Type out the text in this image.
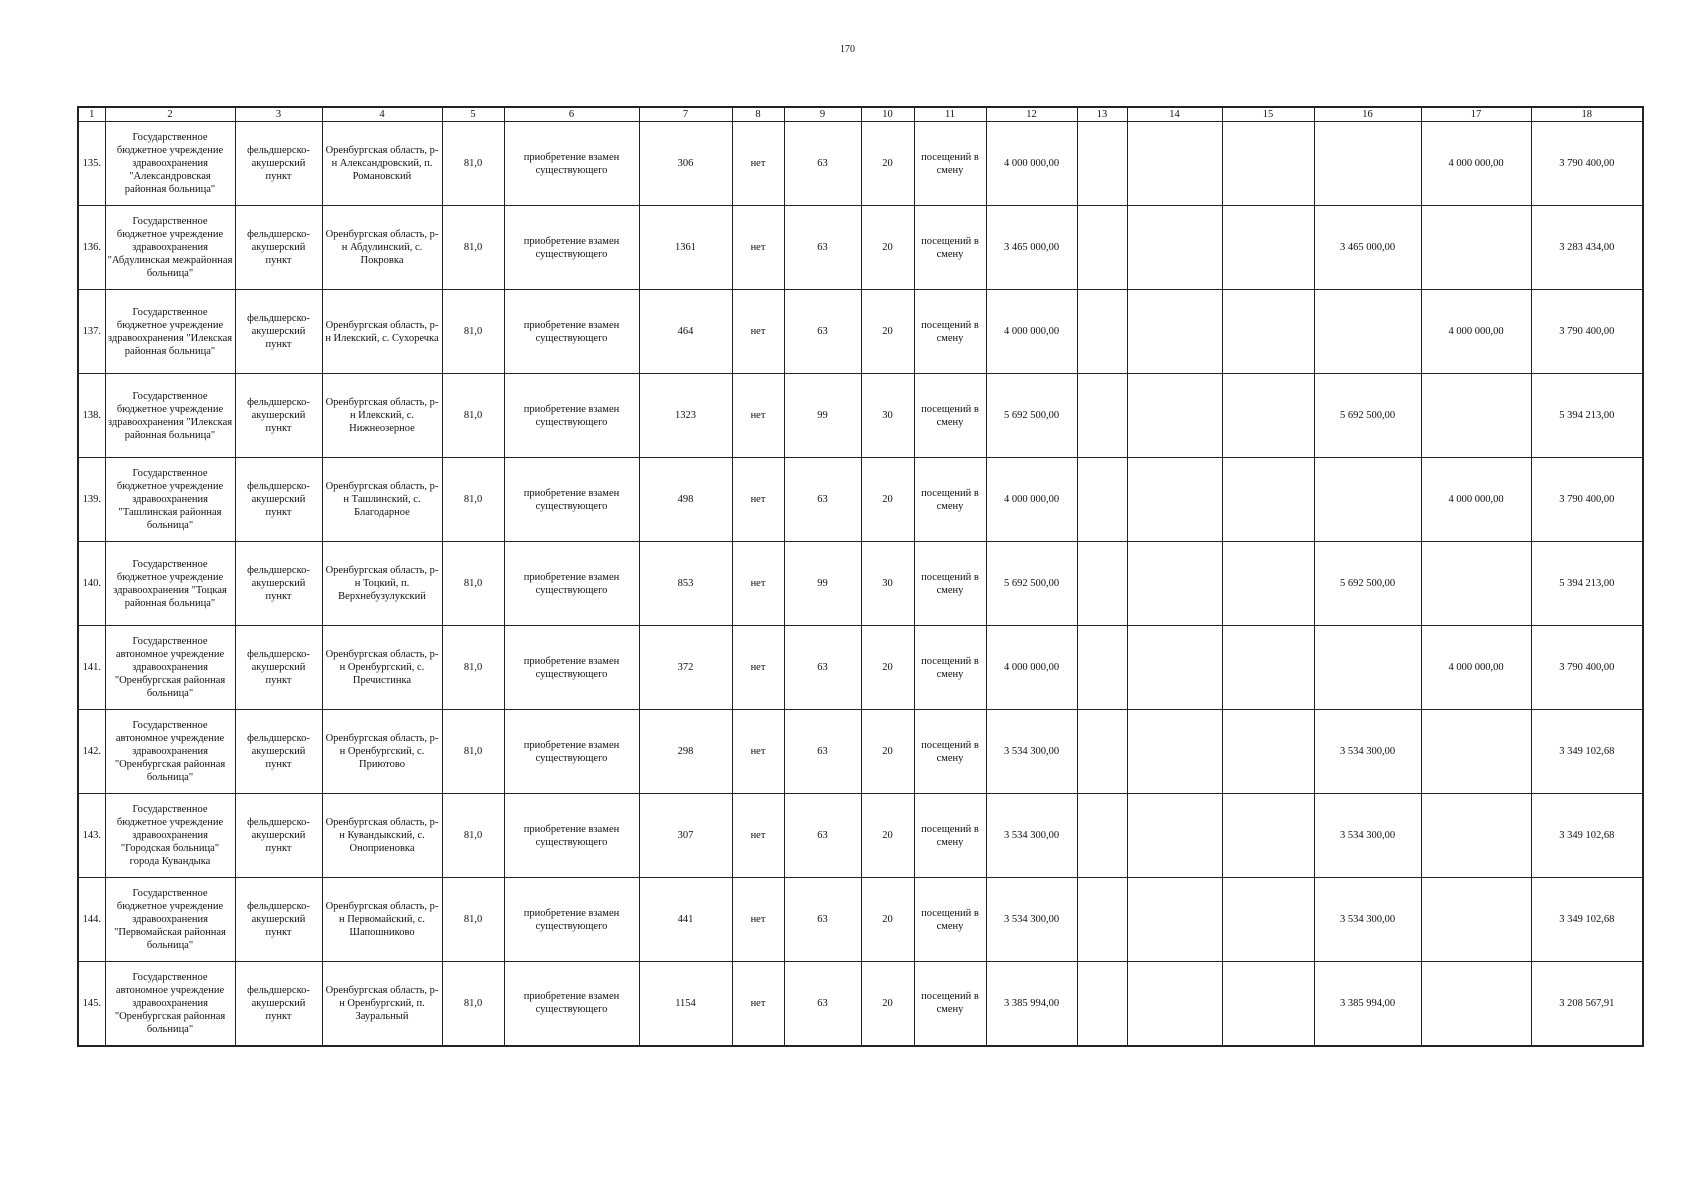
170
1	2	3	4	5	6	7	8	9	10	11	12	13	14	15	16	17	18
135.	Государственное бюджетное учреждение здравоохранения "Александровская районная больница"	фельдшерско-акушерский пункт	Оренбургская область, р-н Александровский, п. Романовский	81,0	приобретение взамен существующего	306	нет	63	20	посещений в смену	4 000 000,00					4 000 000,00	3 790 400,00
136.	Государственное бюджетное учреждение здравоохранения "Абдулинская межрайонная больница"	фельдшерско-акушерский пункт	Оренбургская область, р-н Абдулинский, с. Покровка	81,0	приобретение взамен существующего	1361	нет	63	20	посещений в смену	3 465 000,00				3 465 000,00		3 283 434,00
137.	Государственное бюджетное учреждение здравоохранения "Илекская районная больница"	фельдшерско-акушерский пункт	Оренбургская область, р-н Илекский, с. Сухоречка	81,0	приобретение взамен существующего	464	нет	63	20	посещений в смену	4 000 000,00					4 000 000,00	3 790 400,00
138.	Государственное бюджетное учреждение здравоохранения "Илекская районная больница"	фельдшерско-акушерский пункт	Оренбургская область, р-н Илекский, с. Нижнеозерное	81,0	приобретение взамен существующего	1323	нет	99	30	посещений в смену	5 692 500,00				5 692 500,00		5 394 213,00
139.	Государственное бюджетное учреждение здравоохранения "Ташлинская районная больница"	фельдшерско-акушерский пункт	Оренбургская область, р-н Ташлинский, с. Благодарное	81,0	приобретение взамен существующего	498	нет	63	20	посещений в смену	4 000 000,00					4 000 000,00	3 790 400,00
140.	Государственное бюджетное учреждение здравоохранения "Тоцкая районная больница"	фельдшерско-акушерский пункт	Оренбургская область, р-н Тоцкий, п. Верхнебузулукский	81,0	приобретение взамен существующего	853	нет	99	30	посещений в смену	5 692 500,00				5 692 500,00		5 394 213,00
141.	Государственное автономное учреждение здравоохранения "Оренбургская районная больница"	фельдшерско-акушерский пункт	Оренбургская область, р-н Оренбургский, с. Пречистинка	81,0	приобретение взамен существующего	372	нет	63	20	посещений в смену	4 000 000,00					4 000 000,00	3 790 400,00
142.	Государственное автономное учреждение здравоохранения "Оренбургская районная больница"	фельдшерско-акушерский пункт	Оренбургская область, р-н Оренбургский, с. Приютово	81,0	приобретение взамен существующего	298	нет	63	20	посещений в смену	3 534 300,00				3 534 300,00		3 349 102,68
143.	Государственное бюджетное учреждение здравоохранения "Городская больница" города Кувандыка	фельдшерско-акушерский пункт	Оренбургская область, р-н Кувандыкский, с. Оноприеновка	81,0	приобретение взамен существующего	307	нет	63	20	посещений в смену	3 534 300,00				3 534 300,00		3 349 102,68
144.	Государственное бюджетное учреждение здравоохранения "Первомайская районная больница"	фельдшерско-акушерский пункт	Оренбургская область, р-н Первомайский, с. Шапошниково	81,0	приобретение взамен существующего	441	нет	63	20	посещений в смену	3 534 300,00				3 534 300,00		3 349 102,68
145.	Государственное автономное учреждение здравоохранения "Оренбургская районная больница"	фельдшерско-акушерский пункт	Оренбургская область, р-н Оренбургский, п. Зауральный	81,0	приобретение взамен существующего	1154	нет	63	20	посещений в смену	3 385 994,00				3 385 994,00		3 208 567,91
